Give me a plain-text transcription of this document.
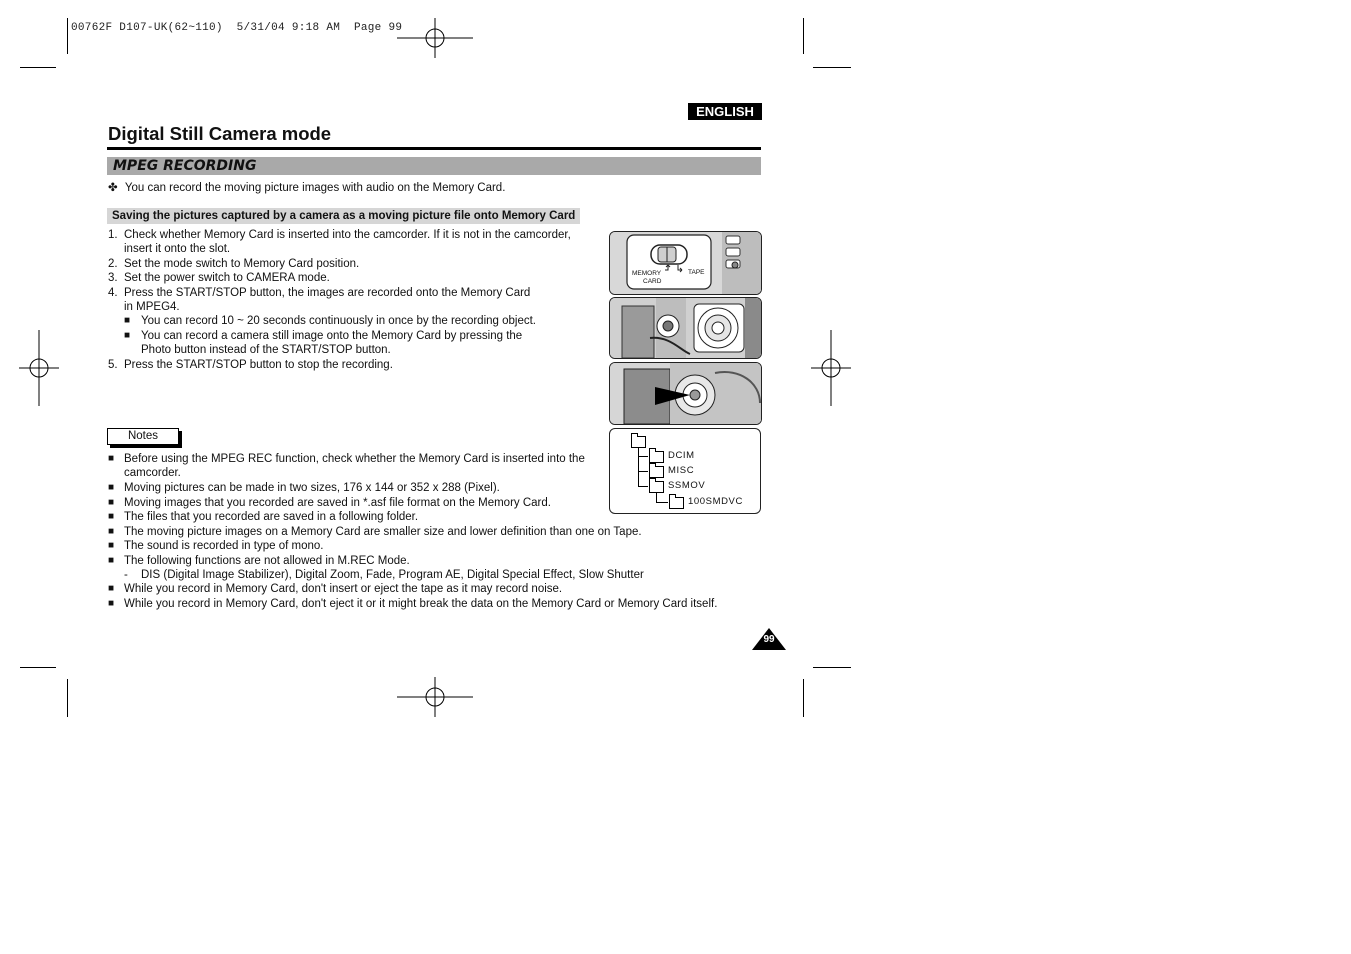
00762F D107-UK(62~110)  5/31/04 9:18 AM  Page 99
ENGLISH
Digital Still Camera mode
MPEG RECORDING
✤ You can record the moving picture images with audio on the Memory Card.
Saving the pictures captured by a camera as a moving picture file onto Memory Card
1. Check whether Memory Card is inserted into the camcorder. If it is not in the camcorder,
insert it onto the slot.
2. Set the mode switch to Memory Card position.
3. Set the power switch to CAMERA mode.
4. Press the START/STOP button, the images are recorded onto the Memory Card
in MPEG4.
■ You can record 10 ~ 20 seconds continuously in once by the recording object.
■ You can record a camera still image onto the Memory Card by pressing the
Photo button instead of the START/STOP button.
5. Press the START/STOP button to stop the recording.
Notes
■ Before using the MPEG REC function, check whether the Memory Card is inserted into the
camcorder.
■ Moving pictures can be made in two sizes, 176 x 144 or 352 x 288 (Pixel).
■ Moving images that you recorded are saved in *.asf file format on the Memory Card.
■ The files that you recorded are saved in a following folder.
■ The moving picture images on a Memory Card are smaller size and lower definition than one on Tape.
■ The sound is recorded in type of mono.
■ The following functions are not allowed in M.REC Mode.
- DIS (Digital Image Stabilizer), Digital Zoom, Fade, Program AE, Digital Special Effect, Slow Shutter
■ While you record in Memory Card, don't insert or eject the tape as it may record noise.
■ While you record in Memory Card, don't eject it or it might break the data on the Memory Card or Memory Card itself.
MEMORY
CARD
TAPE
DCIM
MISC
SSMOV
100SMDVC
99
